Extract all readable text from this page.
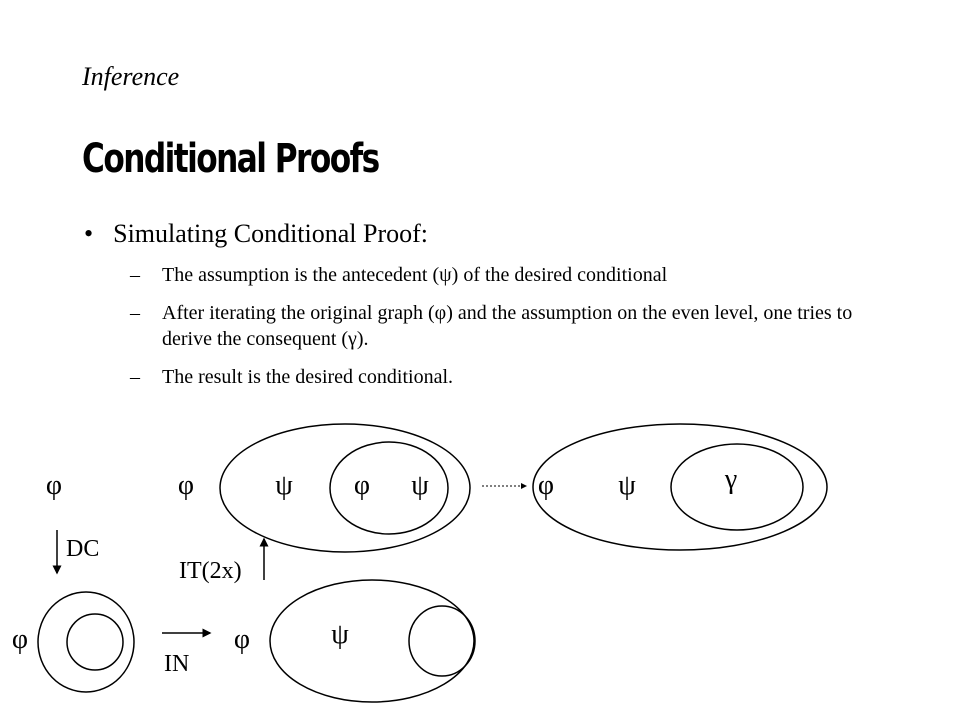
Inference
Conditional Proofs
• Simulating Conditional Proof:
– The assumption is the antecedent (ψ) of the desired conditional
– After iterating the original graph (φ) and the assumption on the even level, one tries to derive the consequent (γ).
– The result is the desired conditional.
φ
DC
φ
IN
φ	ψ
IT(2x)
φ	ψ φ ψ	φ ψ	γ
